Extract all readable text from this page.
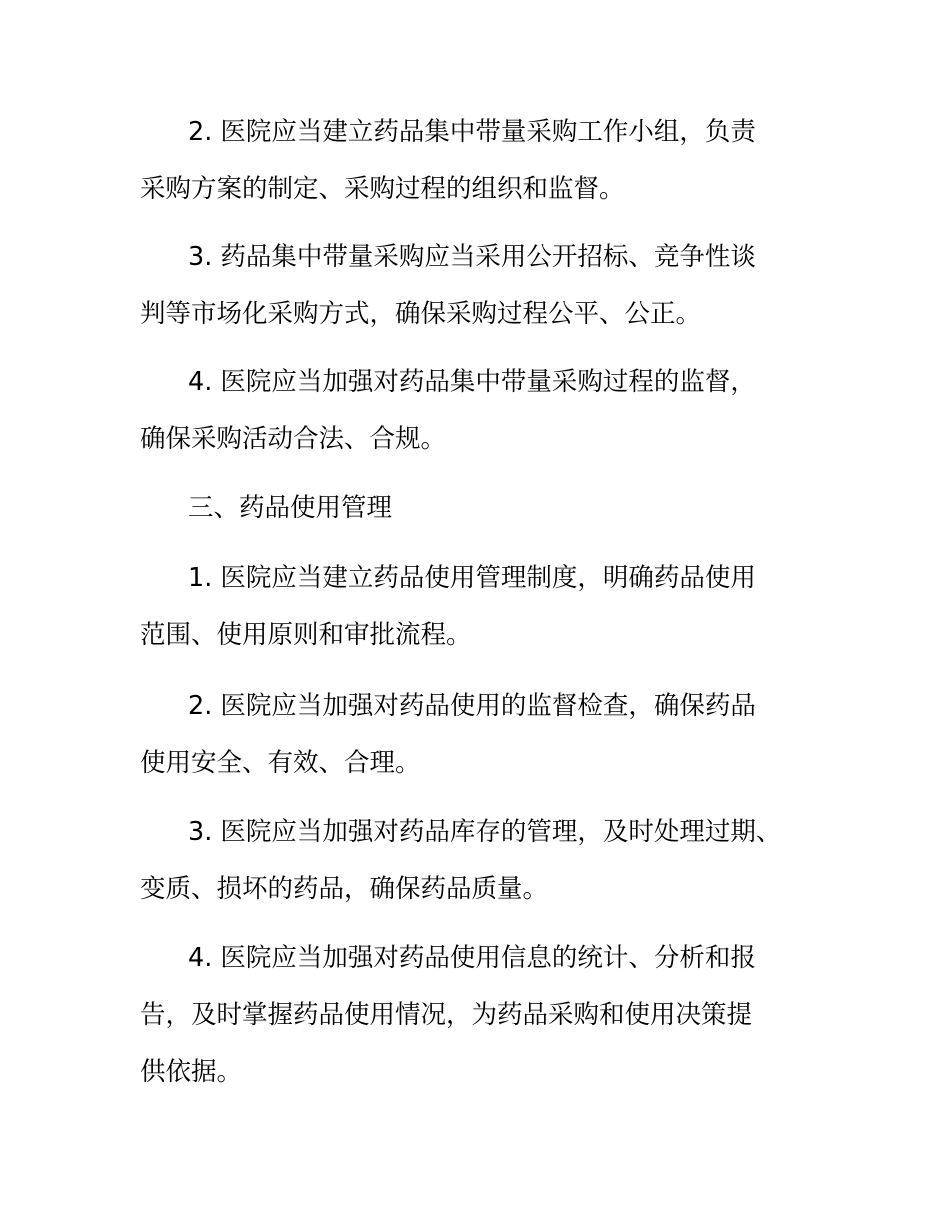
2. 医院应当建立药品集中带量采购工作小组，负责
采购方案的制定、采购过程的组织和监督。

3. 药品集中带量采购应当采用公开招标、竞争性谈
判等市场化采购方式，确保采购过程公平、公正。

4. 医院应当加强对药品集中带量采购过程的监督，
确保采购活动合法、合规。

三、药品使用管理

1. 医院应当建立药品使用管理制度，明确药品使用
范围、使用原则和审批流程。

2. 医院应当加强对药品使用的监督检查，确保药品
使用安全、有效、合理。

3. 医院应当加强对药品库存的管理，及时处理过期、
变质、损坏的药品，确保药品质量。

4. 医院应当加强对药品使用信息的统计、分析和报
告，及时掌握药品使用情况，为药品采购和使用决策提
供依据。
